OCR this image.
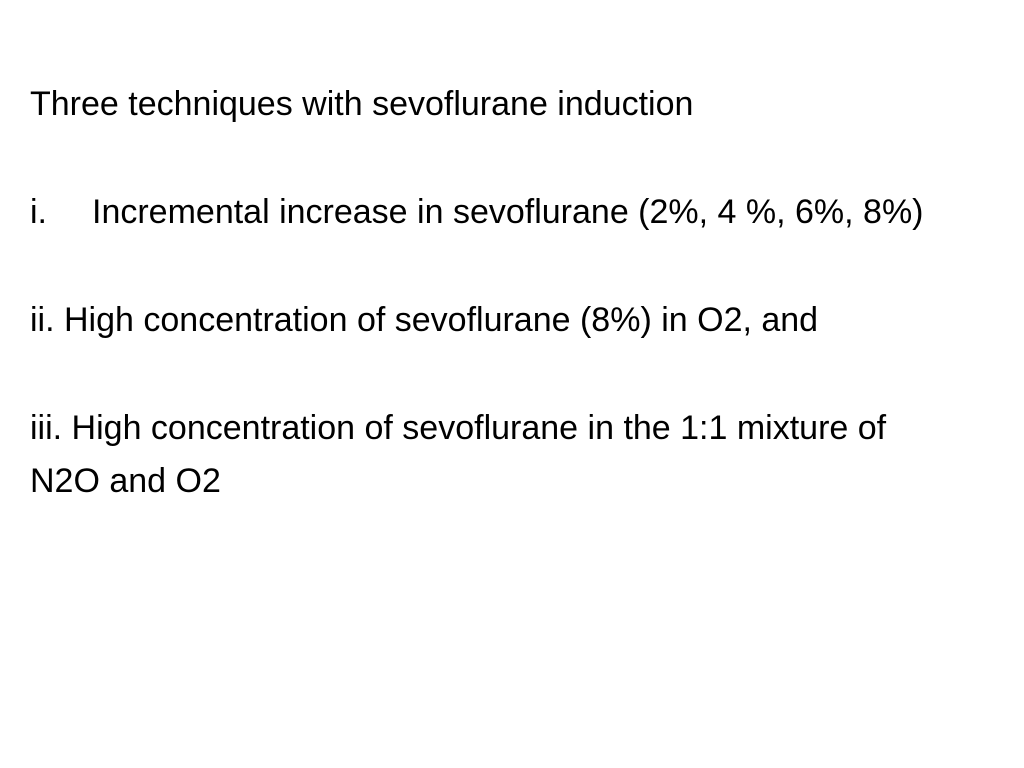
Three techniques with sevoflurane induction

i.	Incremental increase in sevoflurane (2%, 4 %, 6%, 8%)

ii. High concentration of sevoflurane (8%) in O2, and

iii. High concentration of sevoflurane in the 1:1 mixture of N2O and O2
